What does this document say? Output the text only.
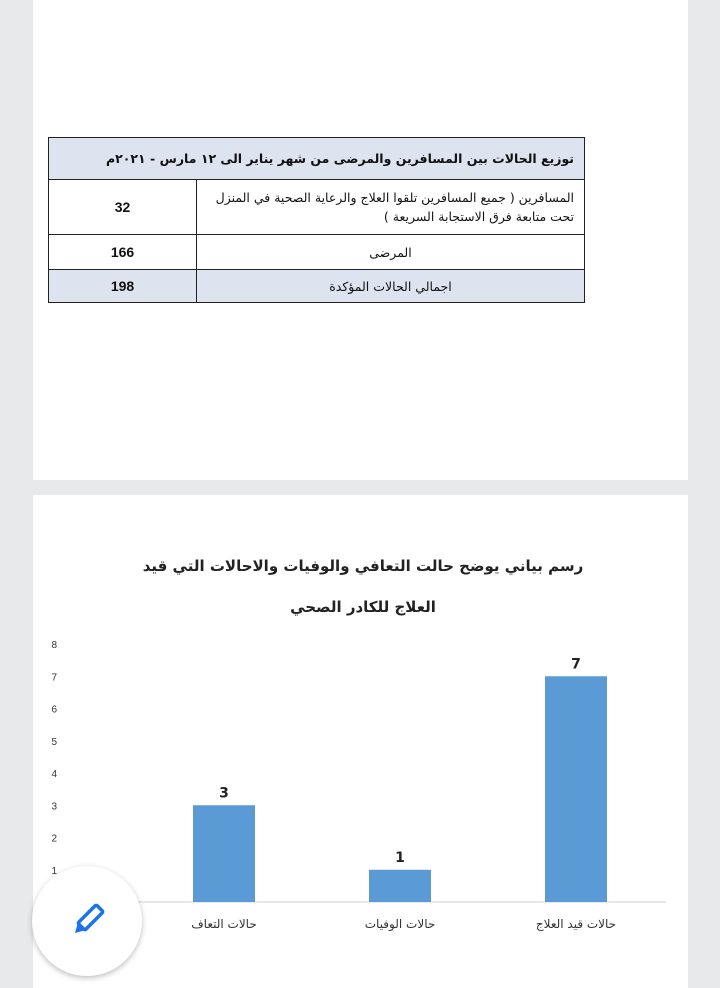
توزيع الحالات بين المسافرين والمرضى من شهر يناير الى ١٢ مارس - ٢٠٢١م	
المسافرين ( جميع المسافرين تلقوا العلاج والرعاية الصحية في المنزل تحت متابعة فرق الاستجابة السريعة )	32
المرضى	166
اجمالي الحالات المؤكدة	198
رسم بياني يوضح حالت التعافي والوفيات والاحالات التي قيد
العلاج للكادر الصحي
1
2
3
4
5
6
7
8
3
حالات التعاف
1
حالات الوفيات
7
حالات قيد العلاج
